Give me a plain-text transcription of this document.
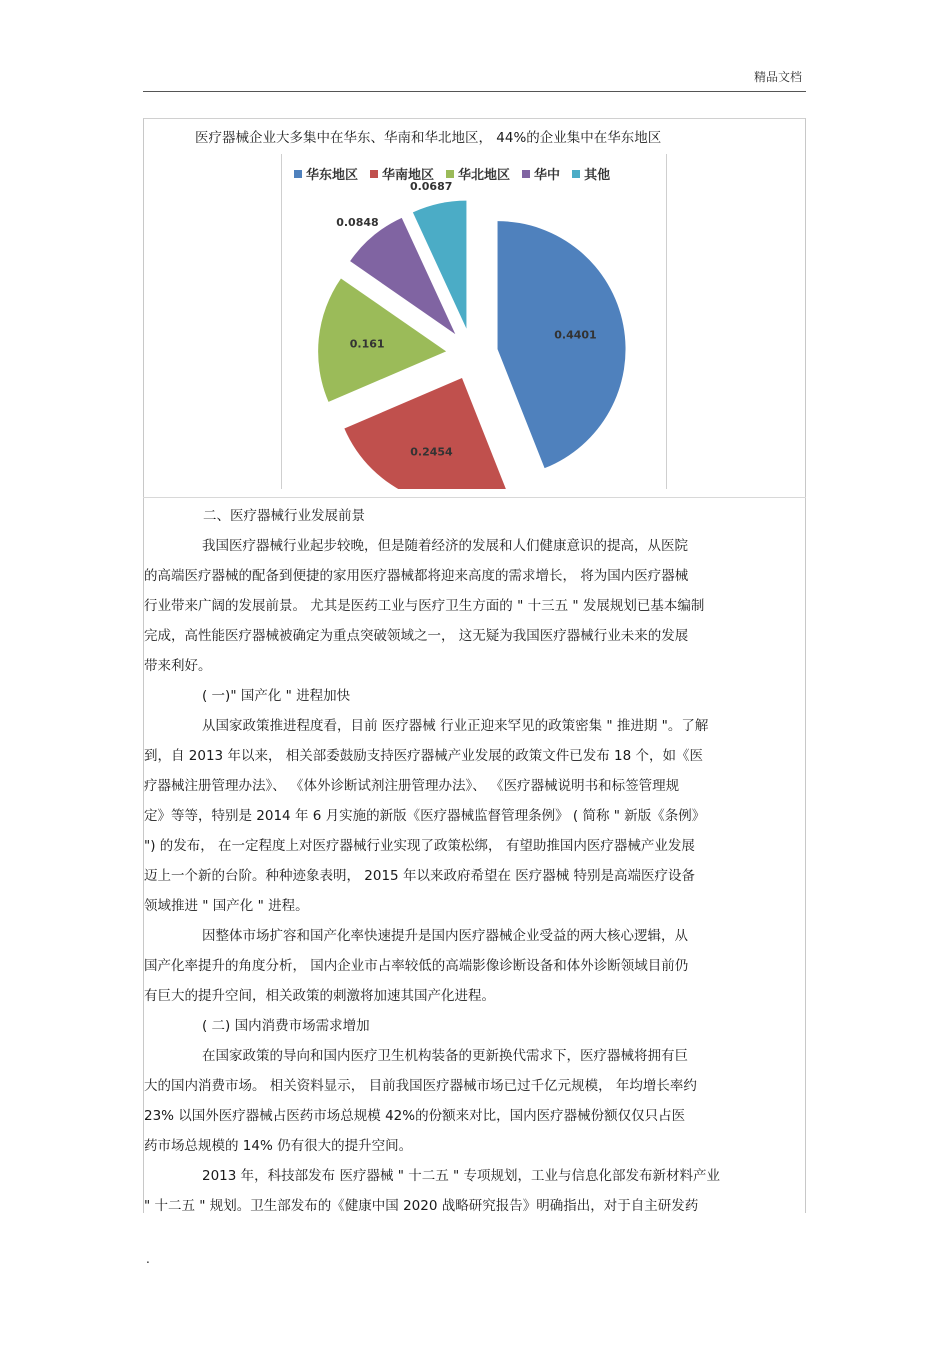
精品文档
医疗器械企业大多集中在华东、华南和华北地区， 44%的企业集中在华东地区
华东地区 华南地区 华北地区 华中 其他
0.4401
0.2454
0.161
0.0848
0.0687
二、医疗器械行业发展前景
我国医疗器械行业起步较晚，但是随着经济的发展和人们健康意识的提高，从医院
的高端医疗器械的配备到便捷的家用医疗器械都将迎来高度的需求增长， 将为国内医疗器械
行业带来广阔的发展前景。 尤其是医药工业与医疗卫生方面的 " 十三五 " 发展规划已基本编制
完成，高性能医疗器械被确定为重点突破领域之一， 这无疑为我国医疗器械行业未来的发展
带来利好。
( 一)" 国产化 " 进程加快
从国家政策推进程度看，目前 医疗器械 行业正迎来罕见的政策密集 " 推进期 "。了解
到，自 2013 年以来， 相关部委鼓励支持医疗器械产业发展的政策文件已发布 18 个，如《医
疗器械注册管理办法》、 《体外诊断试剂注册管理办法》、 《医疗器械说明书和标签管理规
定》等等，特别是 2014 年 6 月实施的新版《医疗器械监督管理条例》 ( 简称 " 新版《条例》
") 的发布， 在一定程度上对医疗器械行业实现了政策松绑， 有望助推国内医疗器械产业发展
迈上一个新的台阶。种种迹象表明， 2015 年以来政府希望在 医疗器械 特别是高端医疗设备
领域推进 " 国产化 " 进程。
因整体市场扩容和国产化率快速提升是国内医疗器械企业受益的两大核心逻辑，从
国产化率提升的角度分析， 国内企业市占率较低的高端影像诊断设备和体外诊断领域目前仍
有巨大的提升空间，相关政策的刺激将加速其国产化进程。
( 二) 国内消费市场需求增加
在国家政策的导向和国内医疗卫生机构装备的更新换代需求下，医疗器械将拥有巨
大的国内消费市场。 相关资料显示， 目前我国医疗器械市场已过千亿元规模， 年均增长率约
23% 以国外医疗器械占医药市场总规模 42%的份额来对比，国内医疗器械份额仅仅只占医
药市场总规模的 14% 仍有很大的提升空间。
2013 年，科技部发布 医疗器械 " 十二五 " 专项规划，工业与信息化部发布新材料产业
" 十二五 " 规划。卫生部发布的《健康中国 2020 战略研究报告》明确指出，对于自主研发药
.
